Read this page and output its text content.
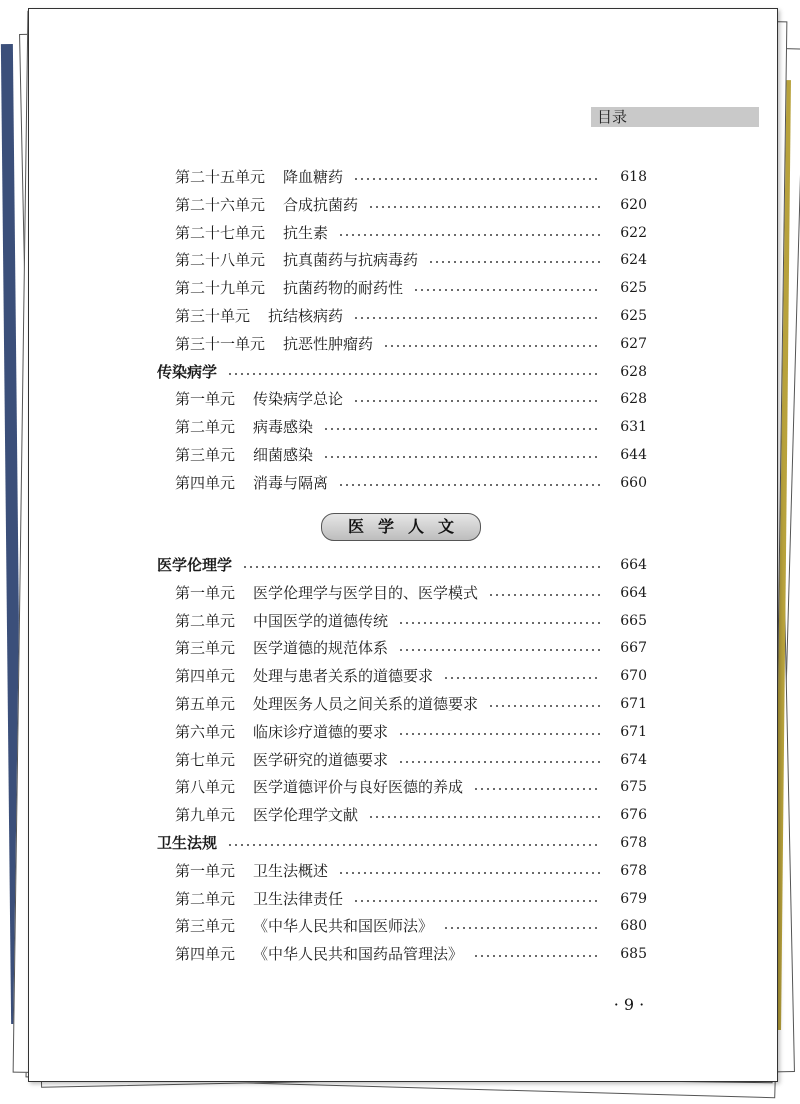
目录
第二十五单元 降血糖药	618
第二十六单元 合成抗菌药	620
第二十七单元 抗生素	622
第二十八单元 抗真菌药与抗病毒药	624
第二十九单元 抗菌药物的耐药性	625
第三十单元 抗结核病药	625
第三十一单元 抗恶性肿瘤药	627
传染病学	628
第一单元 传染病学总论	628
第二单元 病毒感染	631
第三单元 细菌感染	644
第四单元 消毒与隔离	660
医学人文
医学伦理学	664
第一单元 医学伦理学与医学目的、医学模式	664
第二单元 中国医学的道德传统	665
第三单元 医学道德的规范体系	667
第四单元 处理与患者关系的道德要求	670
第五单元 处理医务人员之间关系的道德要求	671
第六单元 临床诊疗道德的要求	671
第七单元 医学研究的道德要求	674
第八单元 医学道德评价与良好医德的养成	675
第九单元 医学伦理学文献	676
卫生法规	678
第一单元 卫生法概述	678
第二单元 卫生法律责任	679
第三单元 《中华人民共和国医师法》	680
第四单元 《中华人民共和国药品管理法》	685
· 9 ·
